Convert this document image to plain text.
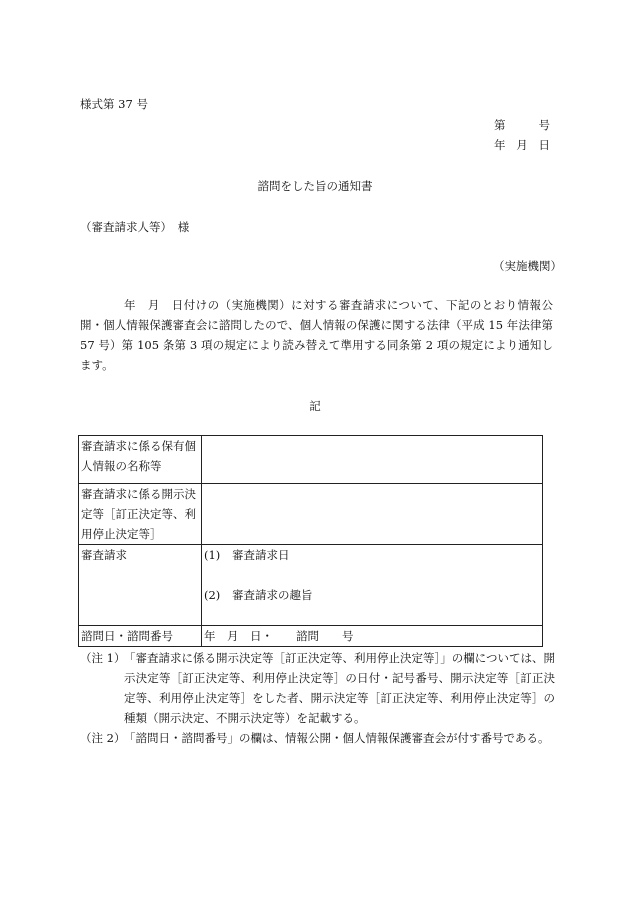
様式第 37 号
第	号
年 月 日
諮問をした旨の通知書
（審査請求人等）　様
（実施機関）
年　月　日付けの（実施機関）に対する審査請求について、下記のとおり情報公開・個人情報保護審査会に諮問したので、個人情報の保護に関する法律（平成 15 年法律第 57 号）第 105 条第 3 項の規定により読み替えて準用する同条第 2 項の規定により通知します。
記
審査請求に係る保有個人情報の名称等	
審査請求に係る開示決定等［訂正決定等、利用停止決定等］	
審査請求	(1) 審査請求日
(2) 審査請求の趣旨

諮問日・諮問番号	年　月　日・　　諮問　　号
（注 1）
「審査請求に係る開示決定等［訂正決定等、利用停止決定等］」の欄については、開示決定等［訂正決定等、利用停止決定等］の日付・記号番号、開示決定等［訂正決定等、利用停止決定等］をした者、開示決定等［訂正決定等、利用停止決定等］の種類（開示決定、不開示決定等）を記載する。
（注 2）
「諮問日・諮問番号」の欄は、情報公開・個人情報保護審査会が付す番号である。
